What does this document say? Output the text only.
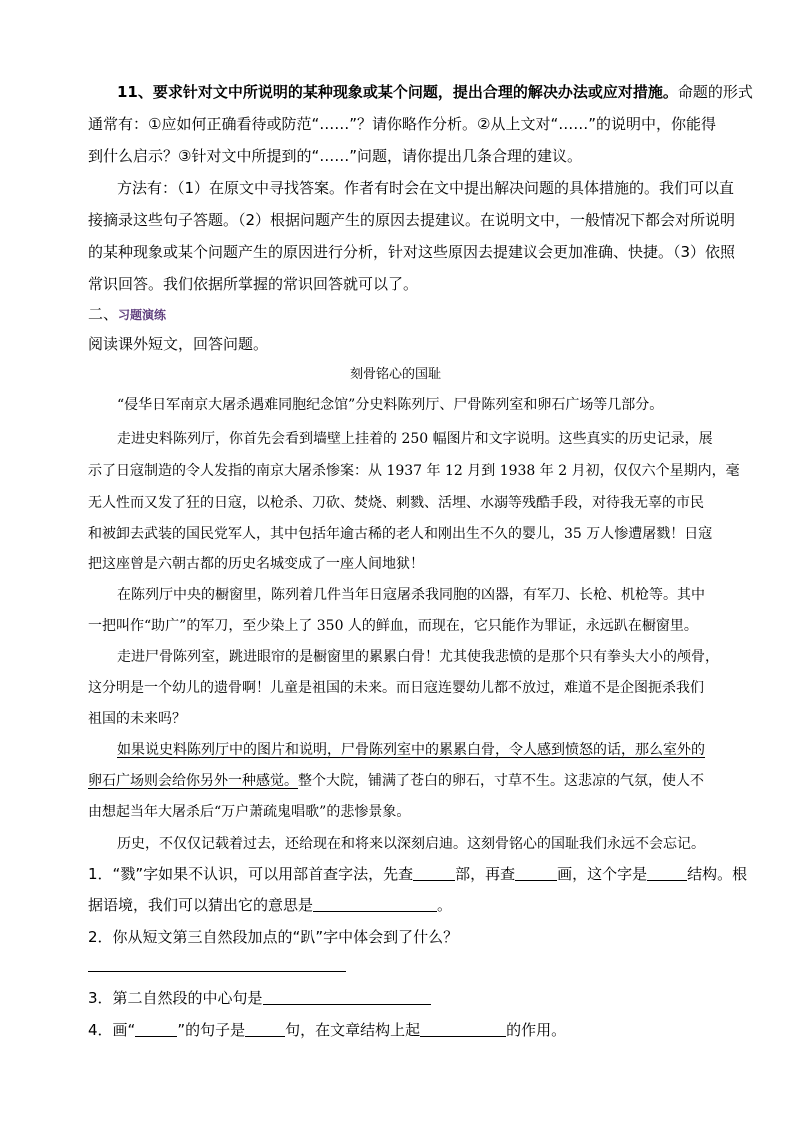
11、要求针对文中所说明的某种现象或某个问题，提出合理的解决办法或应对措施。命题的形式
通常有：①应如何正确看待或防范“……”？请你略作分析。②从上文对“……”的说明中，你能得
到什么启示？③针对文中所提到的“……”问题，请你提出几条合理的建议。
方法有：（1）在原文中寻找答案。作者有时会在文中提出解决问题的具体措施的。我们可以直
接摘录这些句子答题。（2）根据问题产生的原因去提建议。在说明文中，一般情况下都会对所说明
的某种现象或某个问题产生的原因进行分析，针对这些原因去提建议会更加准确、快捷。（3）依照
常识回答。我们依据所掌握的常识回答就可以了。
二、习题演练
阅读课外短文，回答问题。
刻骨铭心的国耻
“侵华日军南京大屠杀遇难同胞纪念馆”分史料陈列厅、尸骨陈列室和卵石广场等几部分。
走进史料陈列厅，你首先会看到墙壁上挂着的 250 幅图片和文字说明。这些真实的历史记录，展
示了日寇制造的令人发指的南京大屠杀惨案：从 1937 年 12 月到 1938 年 2 月初，仅仅六个星期内，毫
无人性而又发了狂的日寇，以枪杀、刀砍、焚烧、刺戮、活埋、水溺等残酷手段，对待我无辜的市民
和被卸去武装的国民党军人，其中包括年逾古稀的老人和刚出生不久的婴儿，35 万人惨遭屠戮！日寇
把这座曾是六朝古都的历史名城变成了一座人间地狱！
在陈列厅中央的橱窗里，陈列着几件当年日寇屠杀我同胞的凶器，有军刀、长枪、机枪等。其中
一把叫作“助广”的军刀，至少染上了 350 人的鲜血，而现在，它只能作为罪证，永远趴在橱窗里。
走进尸骨陈列室，跳进眼帘的是橱窗里的累累白骨！尤其使我悲愤的是那个只有拳头大小的颅骨，
这分明是一个幼儿的遗骨啊！儿童是祖国的未来。而日寇连婴幼儿都不放过，难道不是企图扼杀我们
祖国的未来吗？
如果说史料陈列厅中的图片和说明，尸骨陈列室中的累累白骨，令人感到愤怒的话，那么室外的
卵石广场则会给你另外一种感觉。整个大院，铺满了苍白的卵石，寸草不生。这悲凉的气氛，使人不
由想起当年大屠杀后“万户萧疏鬼唱歌”的悲惨景象。
历史，不仅仅记载着过去，还给现在和将来以深刻启迪。这刻骨铭心的国耻我们永远不会忘记。
1．“戮”字如果不认识，可以用部首查字法，先查	部，再查	画，这个字是	结构。根
据语境，我们可以猜出它的意思是	。
2．你从短文第三自然段加点的“趴”字中体会到了什么？
3．第二自然段的中心句是
4．画“	”的句子是	句，在文章结构上起	的作用。
